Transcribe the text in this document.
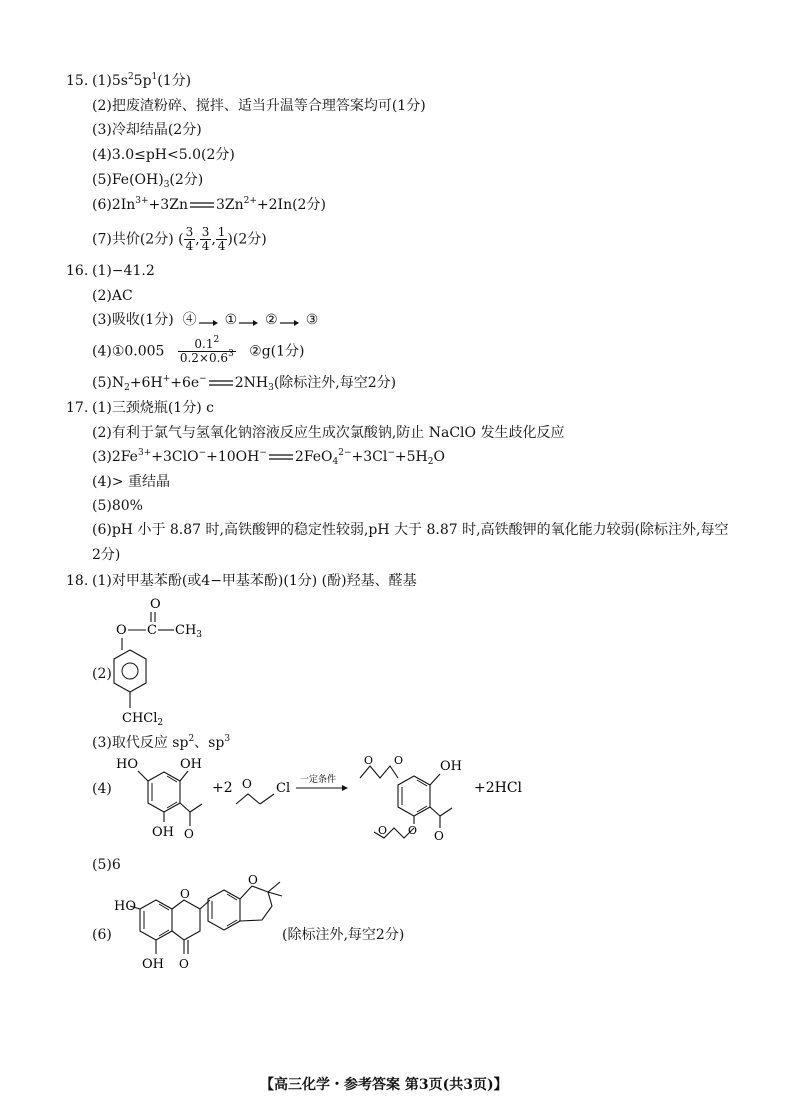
15. $(1)5s^25p^1(1$分)
(2)把废渣粉碎、搅拌、适当升温等合理答案均可(1分)
(3)冷却结晶(2分)
(4)3.0≤pH<5.0(2分)
$(5)Fe(OH)_3(2$分)
$(6)2In^{3+}+3Zn$ $3Zn^{2+}+2In(2$分)
(7)共价(2分) ( $\frac{3}{4}$ , $\frac{3}{4}$ , $\frac{1}{4} )(2$分)
16. (1)−41.2
(2)AC
(3)吸收(1分) ④ ① ② ③
(4)①0.005 $\frac{0.1^2}{0.2\times 0.6^3}$ ②g(1分)
$(5)N_2+6H^++6e^-$ $2NH_3$(除标注外,每空2分)
17. (1)三颈烧瓶(1分) c
(2)有利于氯气与氢氧化钠溶液反应生成次氯酸钠,防止 NaClO 发生歧化反应
$(3)2Fe^{3+}+3ClO^-+10OH^-$ $2FeO_4^{2-}+3Cl^-+5H_2O$
(4)> 重结晶
(5)80%
(6)pH 小于 8.87 时,高铁酸钾的稳定性较弱,pH 大于 8.87 时,高铁酸钾的氧化能力较弱(除标注外,每空
2分)
18. (1)对甲基苯酚(或4−甲基苯酚)(1分) (酚)羟基、醛基
(2)
O
O C $CH_3$
CHCl$_2$
(3)取代反应 $sp^2$、$sp^3$
(4)
HO	OH
OH O
+2 O Cl
一定条件
O O	OH
O
O
O
+2HCl
(5)6
(6)
HO
OH
O
O
O
(除标注外,每空2分)
【高三化学・参考答案 第3页(共3页)】
